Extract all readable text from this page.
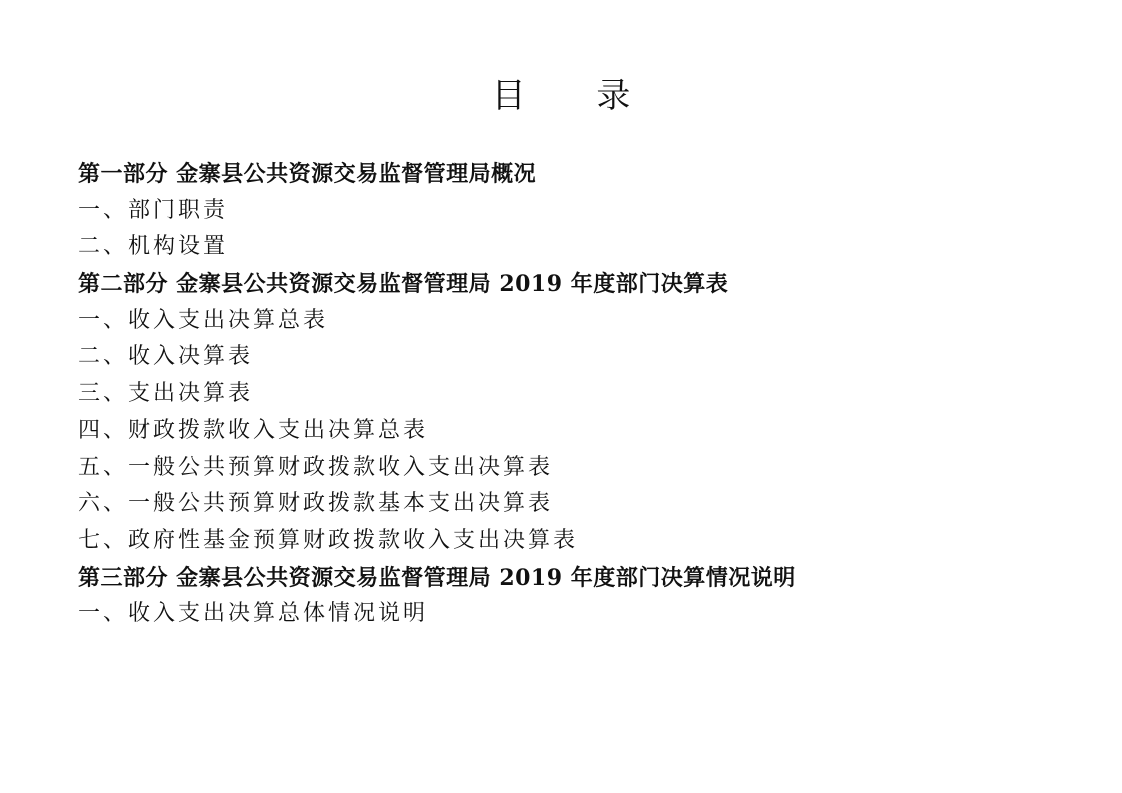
目 录
第一部分 金寨县公共资源交易监督管理局概况
一、部门职责
二、机构设置
第二部分 金寨县公共资源交易监督管理局 2019 年度部门决算表
一、收入支出决算总表
二、收入决算表
三、支出决算表
四、财政拨款收入支出决算总表
五、一般公共预算财政拨款收入支出决算表
六、一般公共预算财政拨款基本支出决算表
七、政府性基金预算财政拨款收入支出决算表
第三部分 金寨县公共资源交易监督管理局 2019 年度部门决算情况说明
一、收入支出决算总体情况说明
